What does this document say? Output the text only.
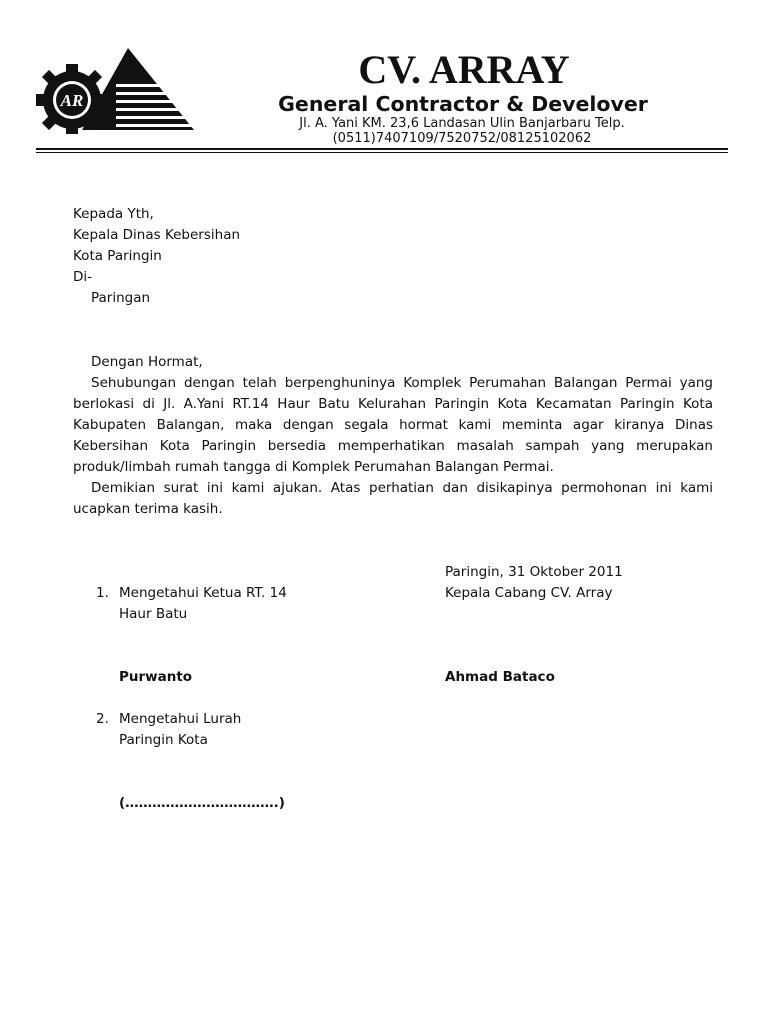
AR
CV. ARRAY
General Contractor & Develover
Jl. A. Yani KM. 23,6 Landasan Ulin Banjarbaru Telp.
(0511)7407109/7520752/08125102062
Kepada Yth,
Kepala Dinas Kebersihan
Kota Paringin
Di-
Paringan

Dengan Hormat,

Sehubungan dengan telah berpenghuninya Komplek Perumahan Balangan Permai yang berlokasi di Jl. A.Yani RT.14 Haur Batu Kelurahan Paringin Kota Kecamatan Paringin Kota Kabupaten Balangan, maka dengan segala hormat kami meminta agar kiranya Dinas Kebersihan Kota Paringin bersedia memperhatikan masalah sampah yang merupakan produk/limbah rumah tangga di Komplek Perumahan Balangan Permai.

Demikian surat ini kami ajukan. Atas perhatian dan disikapinya permohonan ini kami ucapkan terima kasih.

Paringin, 31 Oktober 2011
Kepala Cabang CV. Array
Ahmad Bataco
1. Mengetahui Ketua RT. 14
Haur Batu
Purwanto
2. Mengetahui Lurah
Paringin Kota
(…………………………….)
